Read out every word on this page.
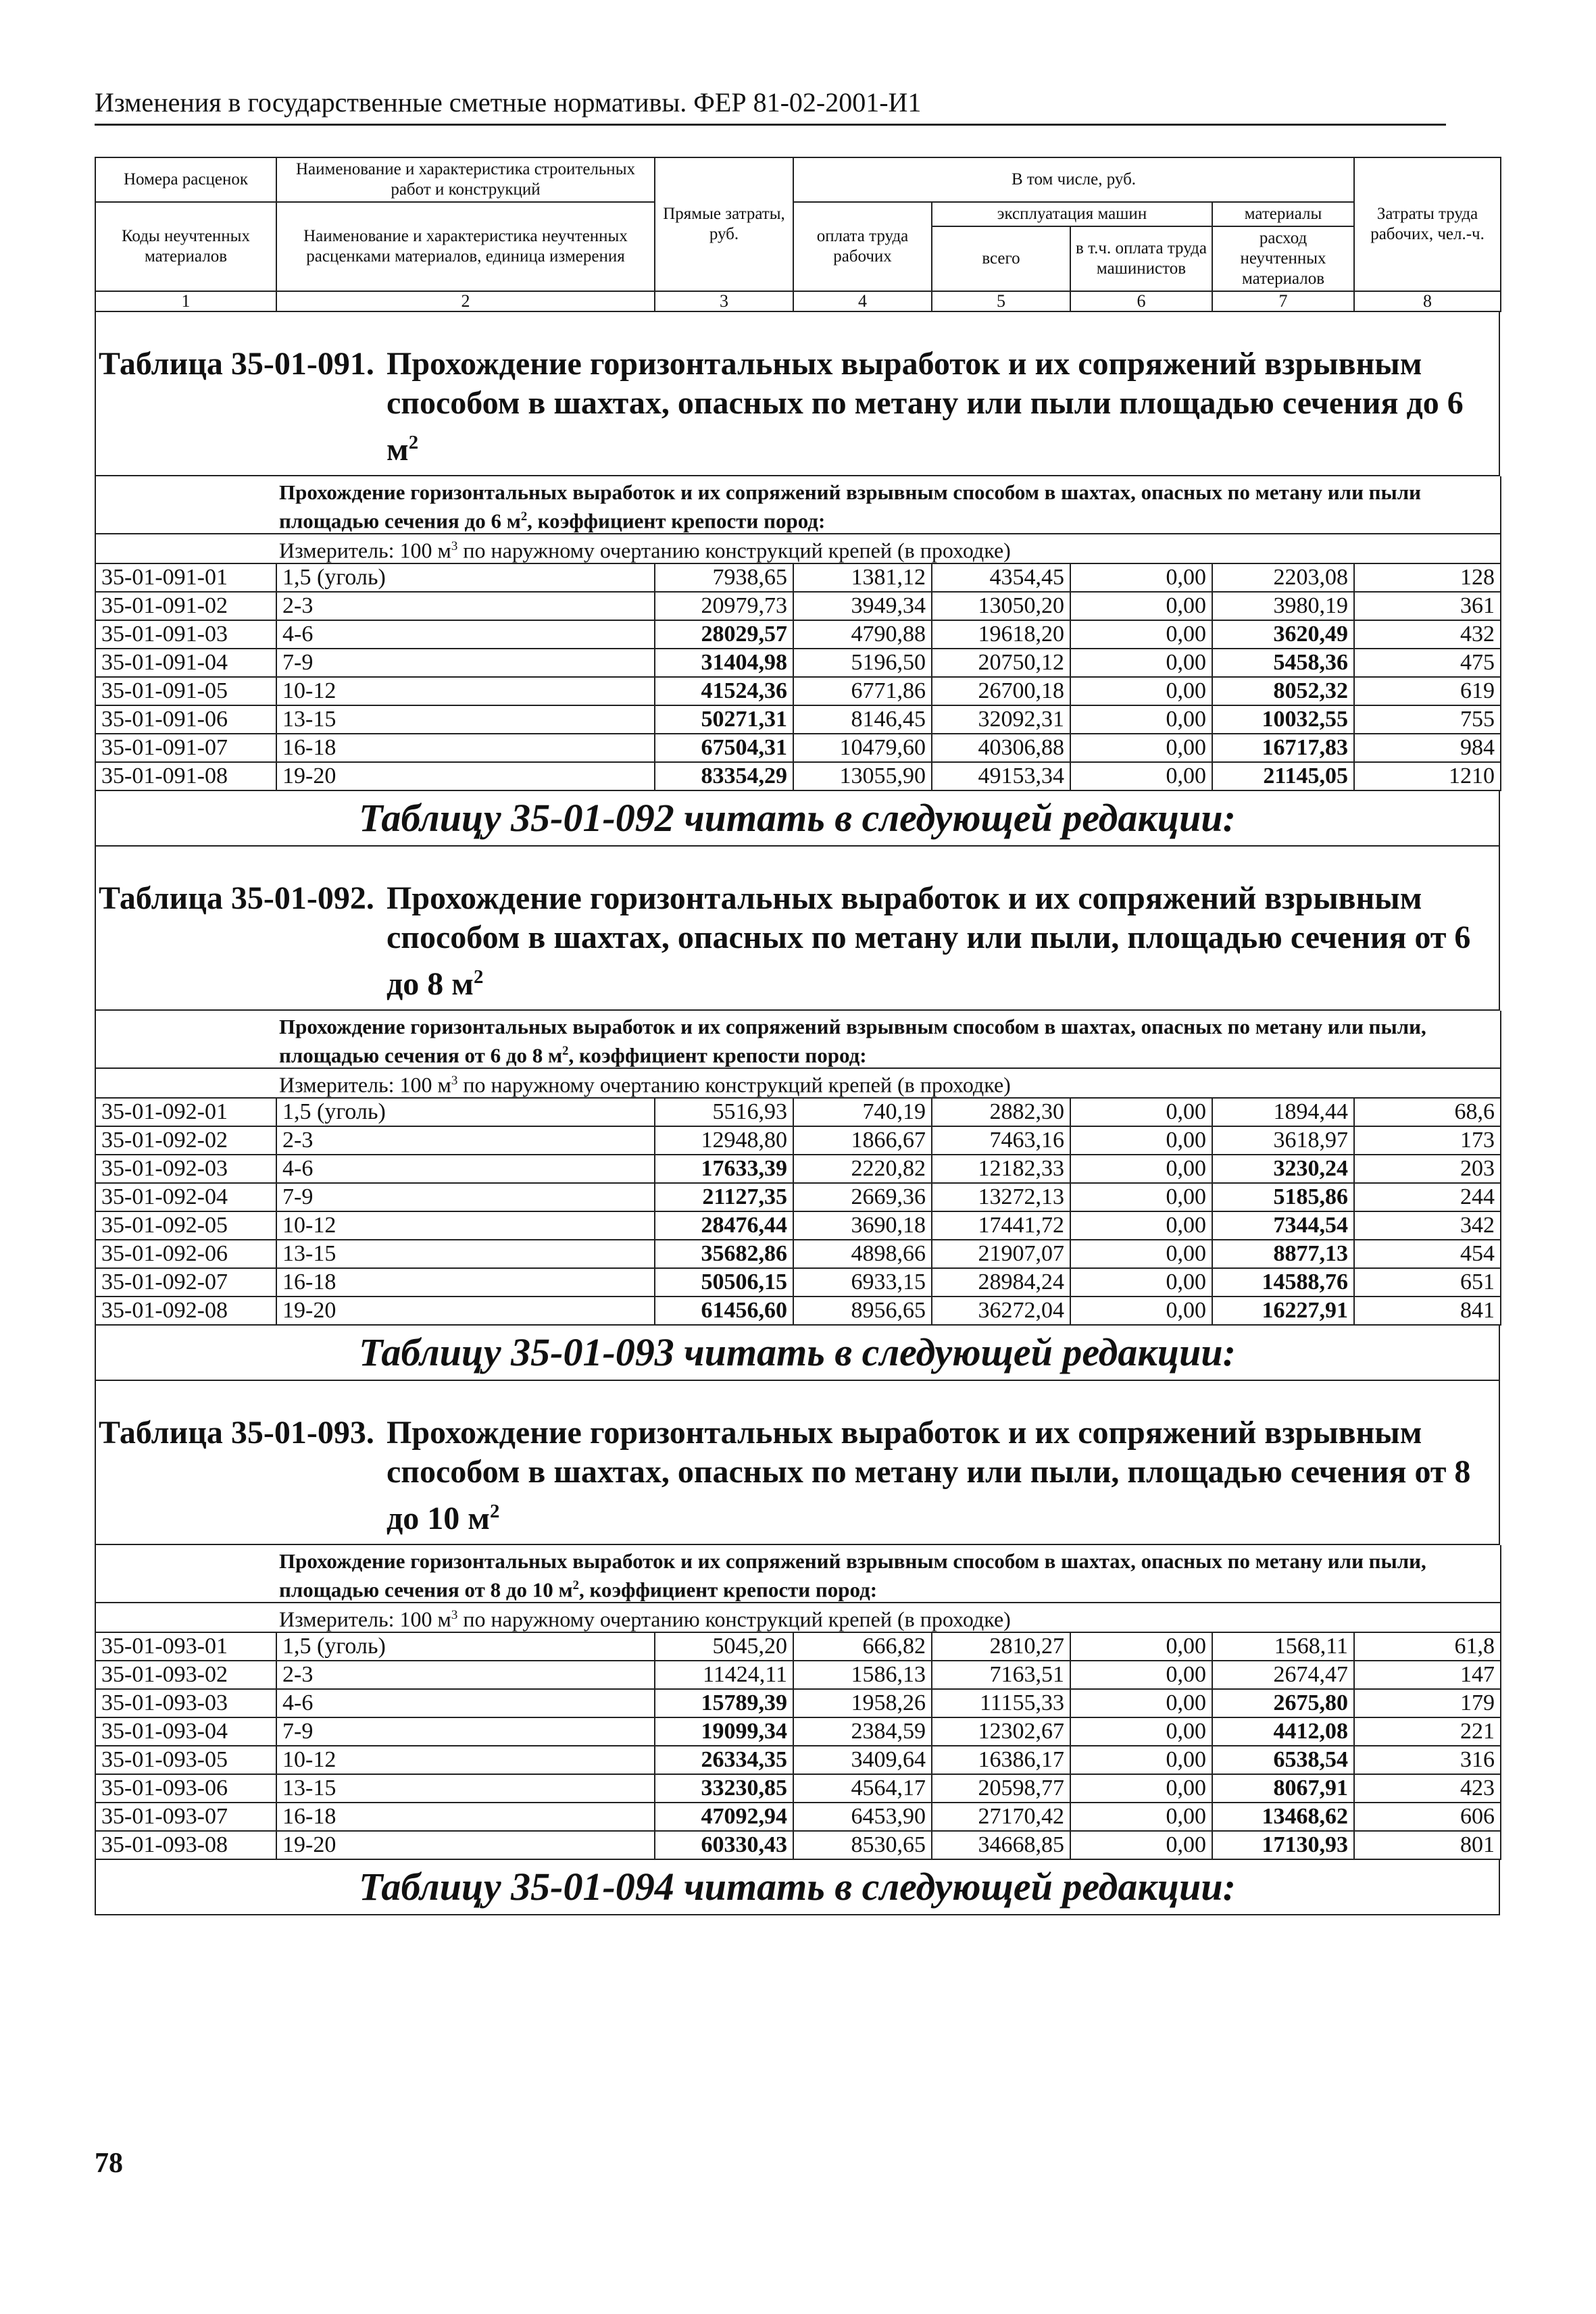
Изменения в государственные сметные нормативы. ФЕР 81-02-2001-И1
Номера расценок	Наименование и характеристика строительных работ и конструкций	Прямые затраты, руб.	В том числе, руб.				Затраты труда рабочих, чел.-ч.
Коды неучтенных материалов	Наименование и характеристика неучтенных расценками материалов, единица измерения		оплата труда рабочих	эксплуатация машин		материалы	
				всего	в т.ч. оплата труда машинистов	расход неучтенных материалов	
1	2	3	4	5	6	7	8
Таблица 35-01-091. Прохождение горизонтальных выработок и их сопряжений взрывным способом в шахтах, опасных по метану или пыли площадью сечения до 6 $м^2$
	Прохождение горизонтальных выработок и их сопряжений взрывным способом в шахтах, опасных по метану или пыли площадью сечения до 6 $м^2$, коэффициент крепости пород:						
	Измеритель: 100 $м^3$ по наружному очертанию конструкций крепей (в проходке)						
35-01-091-01	1,5 (уголь)	7938,65	1381,12	4354,45	0,00	2203,08	128
35-01-091-02	2-3	20979,73	3949,34	13050,20	0,00	3980,19	361
35-01-091-03	4-6	28029,57	4790,88	19618,20	0,00	3620,49	432
35-01-091-04	7-9	31404,98	5196,50	20750,12	0,00	5458,36	475
35-01-091-05	10-12	41524,36	6771,86	26700,18	0,00	8052,32	619
35-01-091-06	13-15	50271,31	8146,45	32092,31	0,00	10032,55	755
35-01-091-07	16-18	67504,31	10479,60	40306,88	0,00	16717,83	984
35-01-091-08	19-20	83354,29	13055,90	49153,34	0,00	21145,05	1210
Таблицу 35-01-092 читать в следующей редакции:
Таблица 35-01-092. Прохождение горизонтальных выработок и их сопряжений взрывным способом в шахтах, опасных по метану или пыли, площадью сечения от 6 до 8 $м^2$
	Прохождение горизонтальных выработок и их сопряжений взрывным способом в шахтах, опасных по метану или пыли, площадью сечения от 6 до 8 $м^2$, коэффициент крепости пород:						
	Измеритель: 100 $м^3$ по наружному очертанию конструкций крепей (в проходке)						
35-01-092-01	1,5 (уголь)	5516,93	740,19	2882,30	0,00	1894,44	68,6
35-01-092-02	2-3	12948,80	1866,67	7463,16	0,00	3618,97	173
35-01-092-03	4-6	17633,39	2220,82	12182,33	0,00	3230,24	203
35-01-092-04	7-9	21127,35	2669,36	13272,13	0,00	5185,86	244
35-01-092-05	10-12	28476,44	3690,18	17441,72	0,00	7344,54	342
35-01-092-06	13-15	35682,86	4898,66	21907,07	0,00	8877,13	454
35-01-092-07	16-18	50506,15	6933,15	28984,24	0,00	14588,76	651
35-01-092-08	19-20	61456,60	8956,65	36272,04	0,00	16227,91	841
Таблицу 35-01-093 читать в следующей редакции:
Таблица 35-01-093. Прохождение горизонтальных выработок и их сопряжений взрывным способом в шахтах, опасных по метану или пыли, площадью сечения от 8 до 10 $м^2$
	Прохождение горизонтальных выработок и их сопряжений взрывным способом в шахтах, опасных по метану или пыли, площадью сечения от 8 до 10 $м^2$, коэффициент крепости пород:						
	Измеритель: 100 $м^3$ по наружному очертанию конструкций крепей (в проходке)						
35-01-093-01	1,5 (уголь)	5045,20	666,82	2810,27	0,00	1568,11	61,8
35-01-093-02	2-3	11424,11	1586,13	7163,51	0,00	2674,47	147
35-01-093-03	4-6	15789,39	1958,26	11155,33	0,00	2675,80	179
35-01-093-04	7-9	19099,34	2384,59	12302,67	0,00	4412,08	221
35-01-093-05	10-12	26334,35	3409,64	16386,17	0,00	6538,54	316
35-01-093-06	13-15	33230,85	4564,17	20598,77	0,00	8067,91	423
35-01-093-07	16-18	47092,94	6453,90	27170,42	0,00	13468,62	606
35-01-093-08	19-20	60330,43	8530,65	34668,85	0,00	17130,93	801
Таблицу 35-01-094 читать в следующей редакции:
78
